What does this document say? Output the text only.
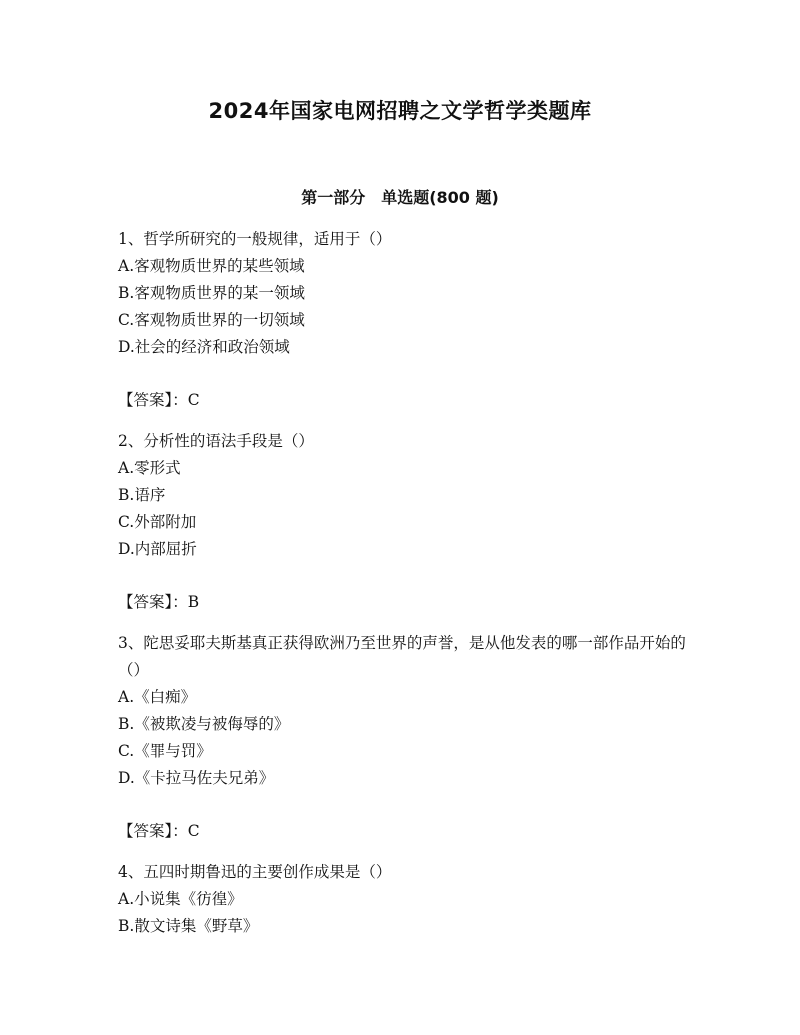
2024年国家电网招聘之文学哲学类题库
第一部分　单选题(800 题)

1、哲学所研究的一般规律，适用于（）

A.客观物质世界的某些领域

B.客观物质世界的某一领域

C.客观物质世界的一切领域

D.社会的经济和政治领域

【答案】：C

2、分析性的语法手段是（）

A.零形式

B.语序

C.外部附加

D.内部屈折

【答案】：B

3、陀思妥耶夫斯基真正获得欧洲乃至世界的声誉，是从他发表的哪一部作品开始的（）

A.《白痴》

B.《被欺凌与被侮辱的》

C.《罪与罚》

D.《卡拉马佐夫兄弟》

【答案】：C

4、五四时期鲁迅的主要创作成果是（）

A.小说集《彷徨》

B.散文诗集《野草》
